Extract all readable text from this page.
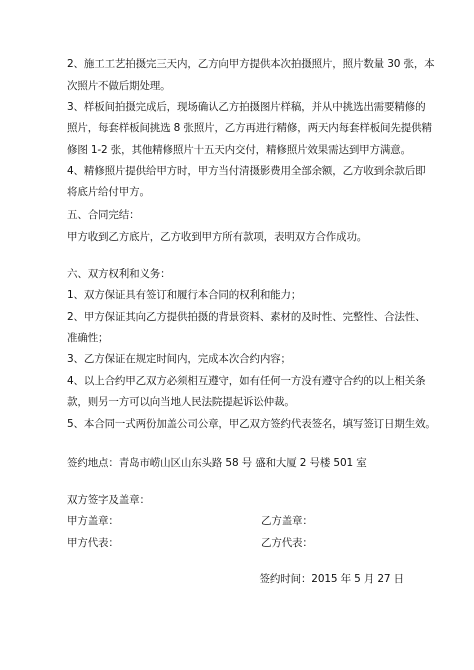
2、施工工艺拍摄完三天内，乙方向甲方提供本次拍摄照片，照片数量 30 张，本
次照片不做后期处理。
3、样板间拍摄完成后，现场确认乙方拍摄图片样稿，并从中挑选出需要精修的
照片，每套样板间挑选 8 张照片，乙方再进行精修，两天内每套样板间先提供精
修图 1-2 张，其他精修照片十五天内交付，精修照片效果需达到甲方满意。
4、精修照片提供给甲方时，甲方当付清摄影费用全部余额，乙方收到余款后即
将底片给付甲方。
五、合同完结：
甲方收到乙方底片，乙方收到甲方所有款项，表明双方合作成功。
六、双方权利和义务：
1、双方保证具有签订和履行本合同的权利和能力；
2、甲方保证其向乙方提供拍摄的背景资料、素材的及时性、完整性、合法性、
准确性；
3、乙方保证在规定时间内，完成本次合约内容；
4、以上合约甲乙双方必须相互遵守，如有任何一方没有遵守合约的以上相关条
款，则另一方可以向当地人民法院提起诉讼仲裁。
5、本合同一式两份加盖公司公章，甲乙双方签约代表签名，填写签订日期生效。
签约地点：青岛市崂山区山东头路 58 号 盛和大厦 2 号楼 501 室
双方签字及盖章：
甲方盖章：	乙方盖章：
甲方代表：	乙方代表：
签约时间：2015 年 5 月 27 日
